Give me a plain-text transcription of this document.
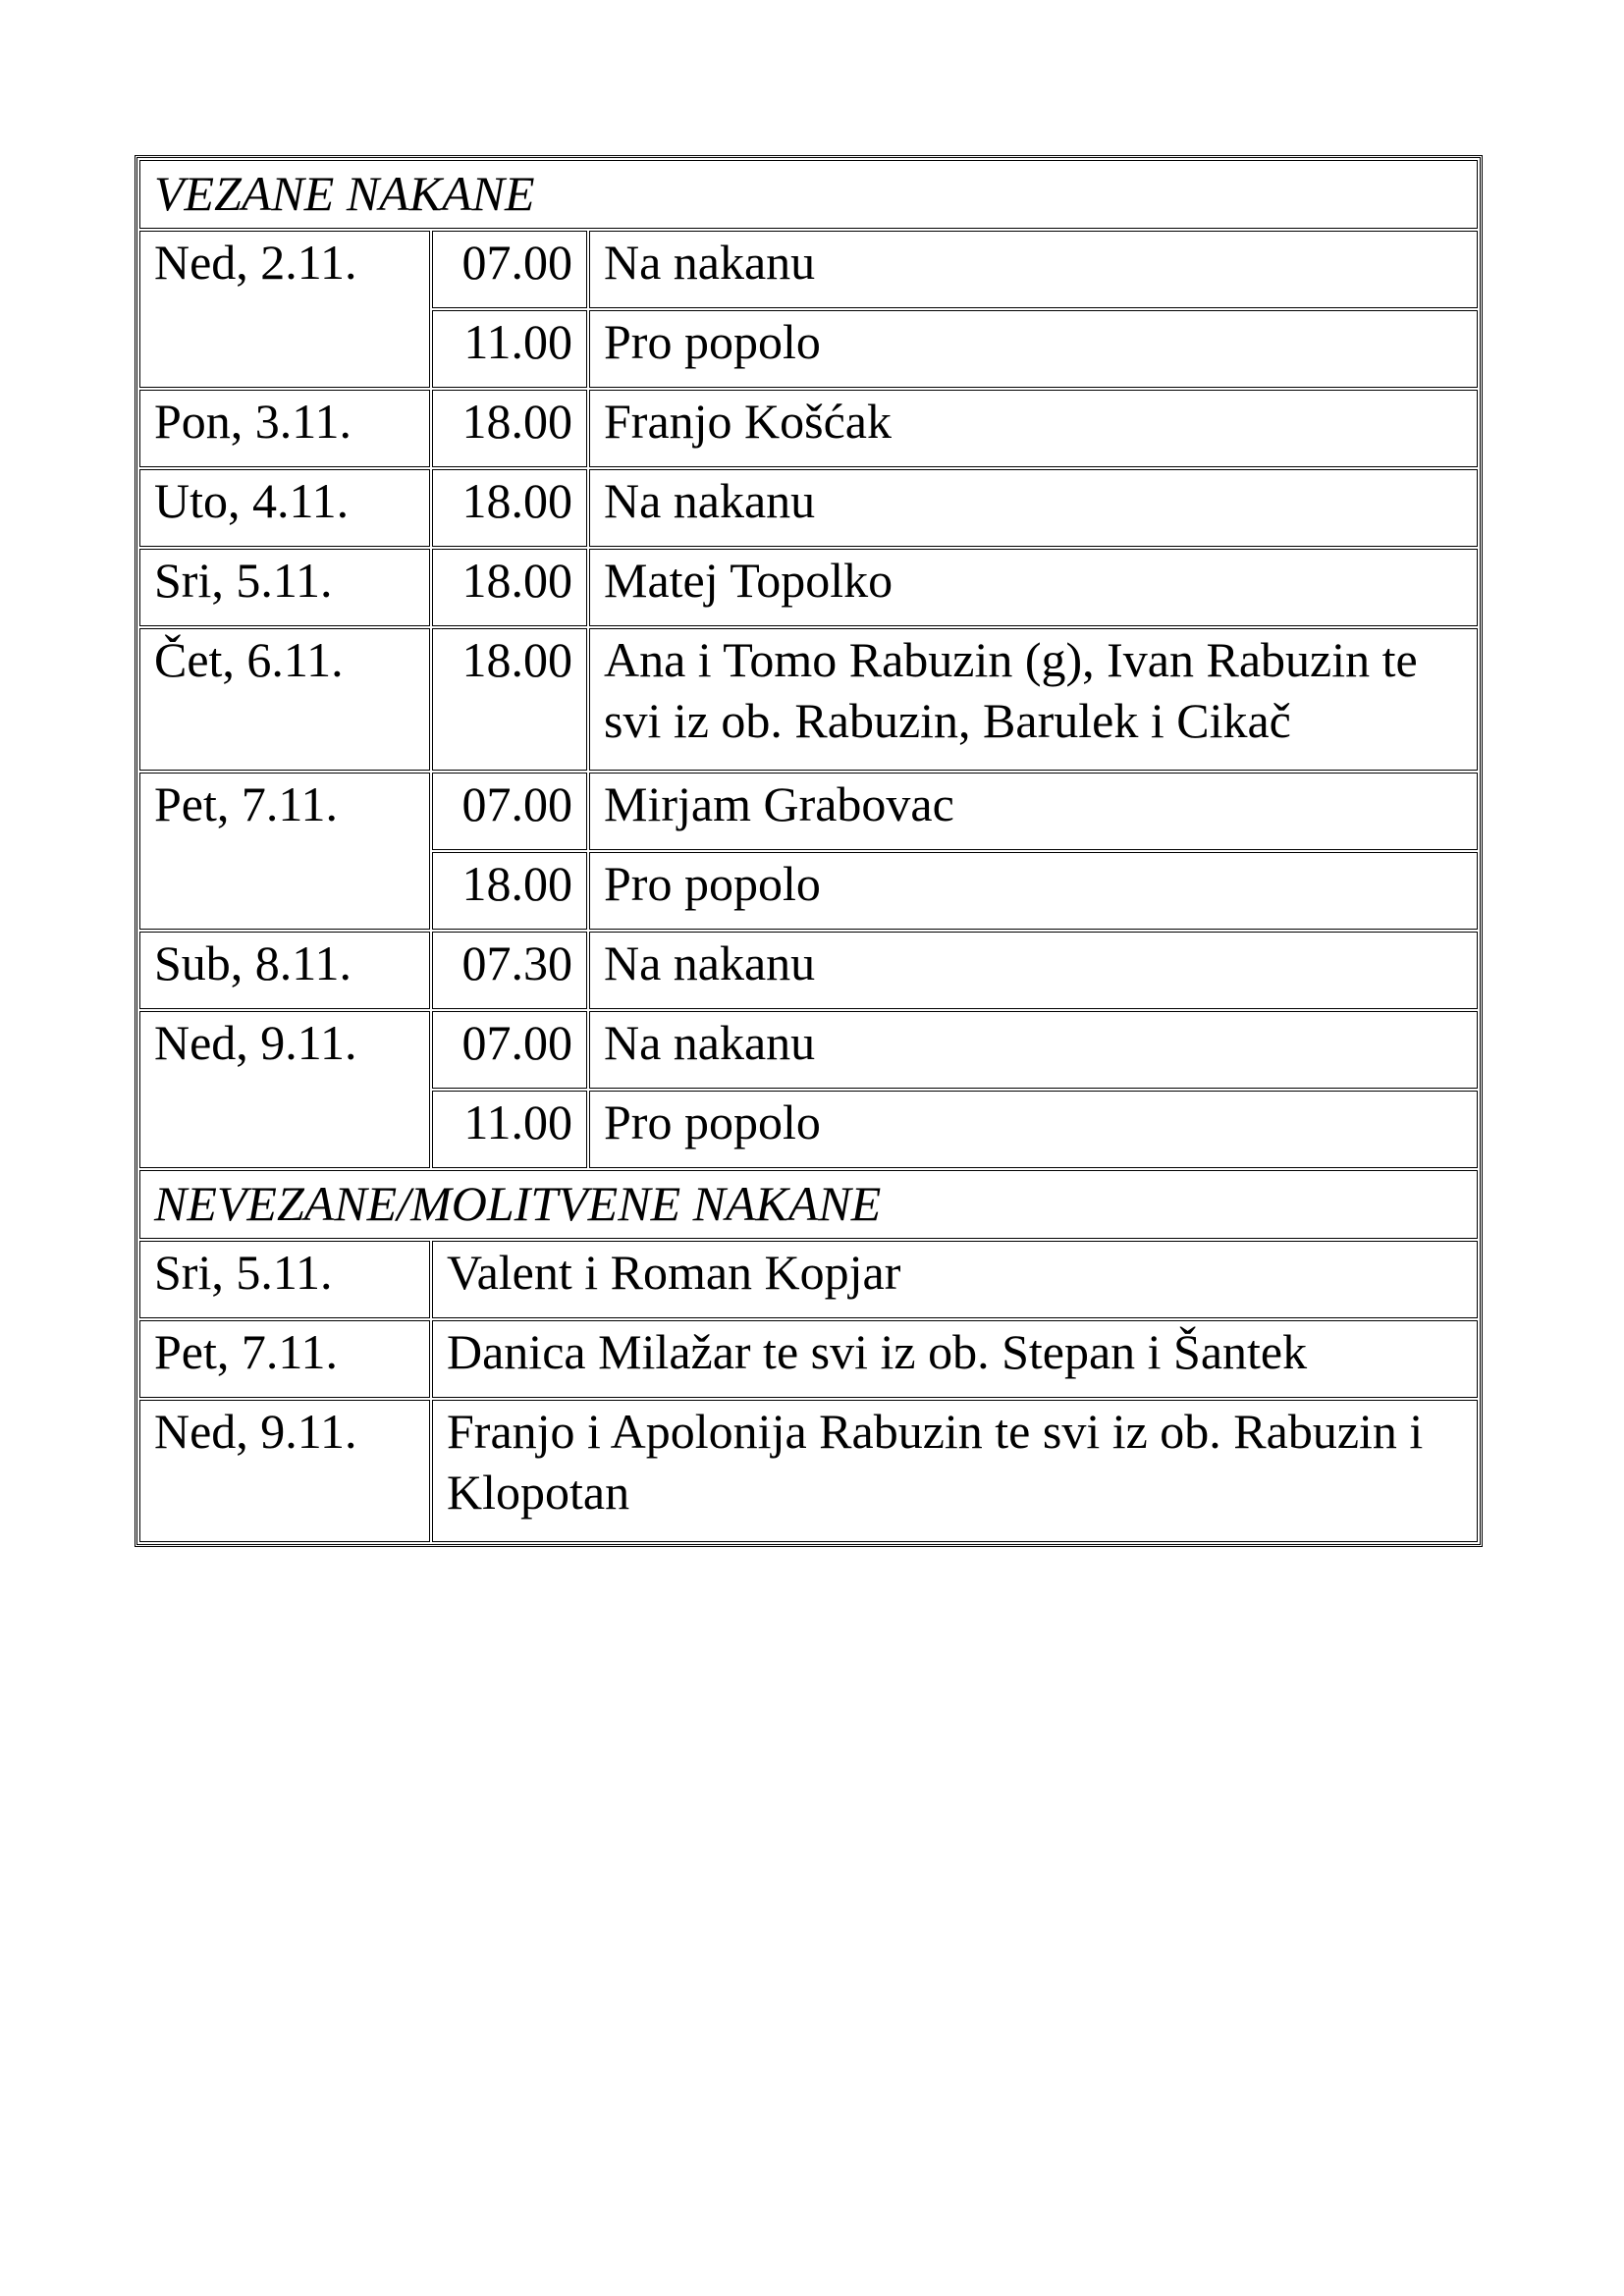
VEZANE NAKANE		
Ned, 2.11.	07.00	Na nakanu
	11.00	Pro popolo
Pon, 3.11.	18.00	Franjo Košćak
Uto, 4.11.	18.00	Na nakanu
Sri, 5.11.	18.00	Matej Topolko
Čet, 6.11.	18.00	Ana i Tomo Rabuzin (g), Ivan Rabuzin te svi iz ob. Rabuzin, Barulek i Cikač
Pet, 7.11.	07.00	Mirjam Grabovac
	18.00	Pro popolo
Sub, 8.11.	07.30	Na nakanu
Ned, 9.11.	07.00	Na nakanu
	11.00	Pro popolo
NEVEZANE/MOLITVENE NAKANE		
Sri, 5.11.	Valent i Roman Kopjar	
Pet, 7.11.	Danica Milažar te svi iz ob. Stepan i Šantek	
Ned, 9.11.	Franjo i Apolonija Rabuzin te svi iz ob. Rabuzin i Klopotan	
